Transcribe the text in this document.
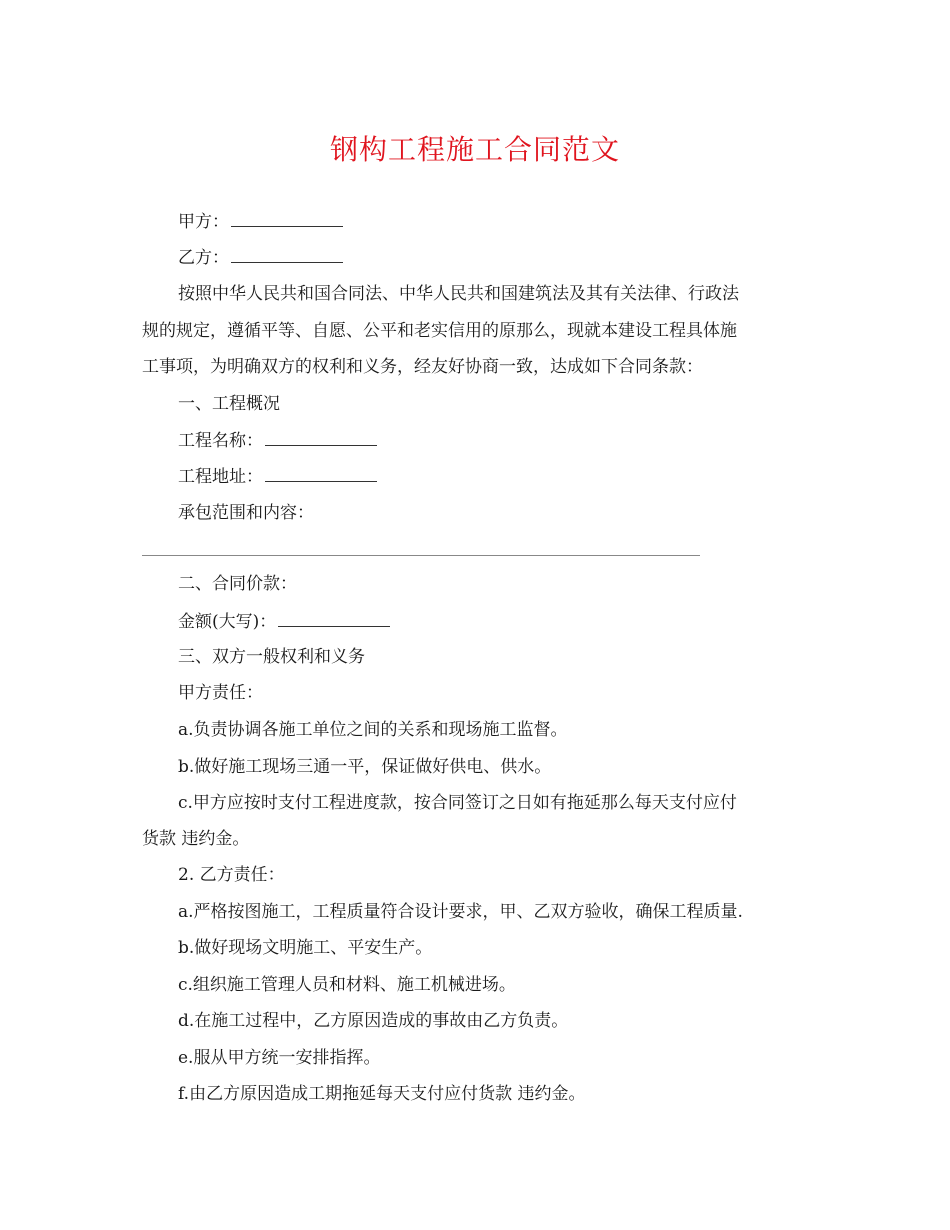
钢构工程施工合同范文
甲方：
乙方：
按照中华人民共和国合同法、中华人民共和国建筑法及其有关法律、行政法
规的规定，遵循平等、自愿、公平和老实信用的原那么，现就本建设工程具体施
工事项，为明确双方的权利和义务，经友好协商一致，达成如下合同条款：
一、工程概况
工程名称：
工程地址：
承包范围和内容：
二、合同价款：
金额(大写)：
三、双方一般权利和义务
甲方责任：
a.负责协调各施工单位之间的关系和现场施工监督。
b.做好施工现场三通一平，保证做好供电、供水。
c.甲方应按时支付工程进度款，按合同签订之日如有拖延那么每天支付应付
货款 违约金。
2. 乙方责任：
a.严格按图施工，工程质量符合设计要求，甲、乙双方验收，确保工程质量.
b.做好现场文明施工、平安生产。
c.组织施工管理人员和材料、施工机械进场。
d.在施工过程中，乙方原因造成的事故由乙方负责。
e.服从甲方统一安排指挥。
f.由乙方原因造成工期拖延每天支付应付货款 违约金。
